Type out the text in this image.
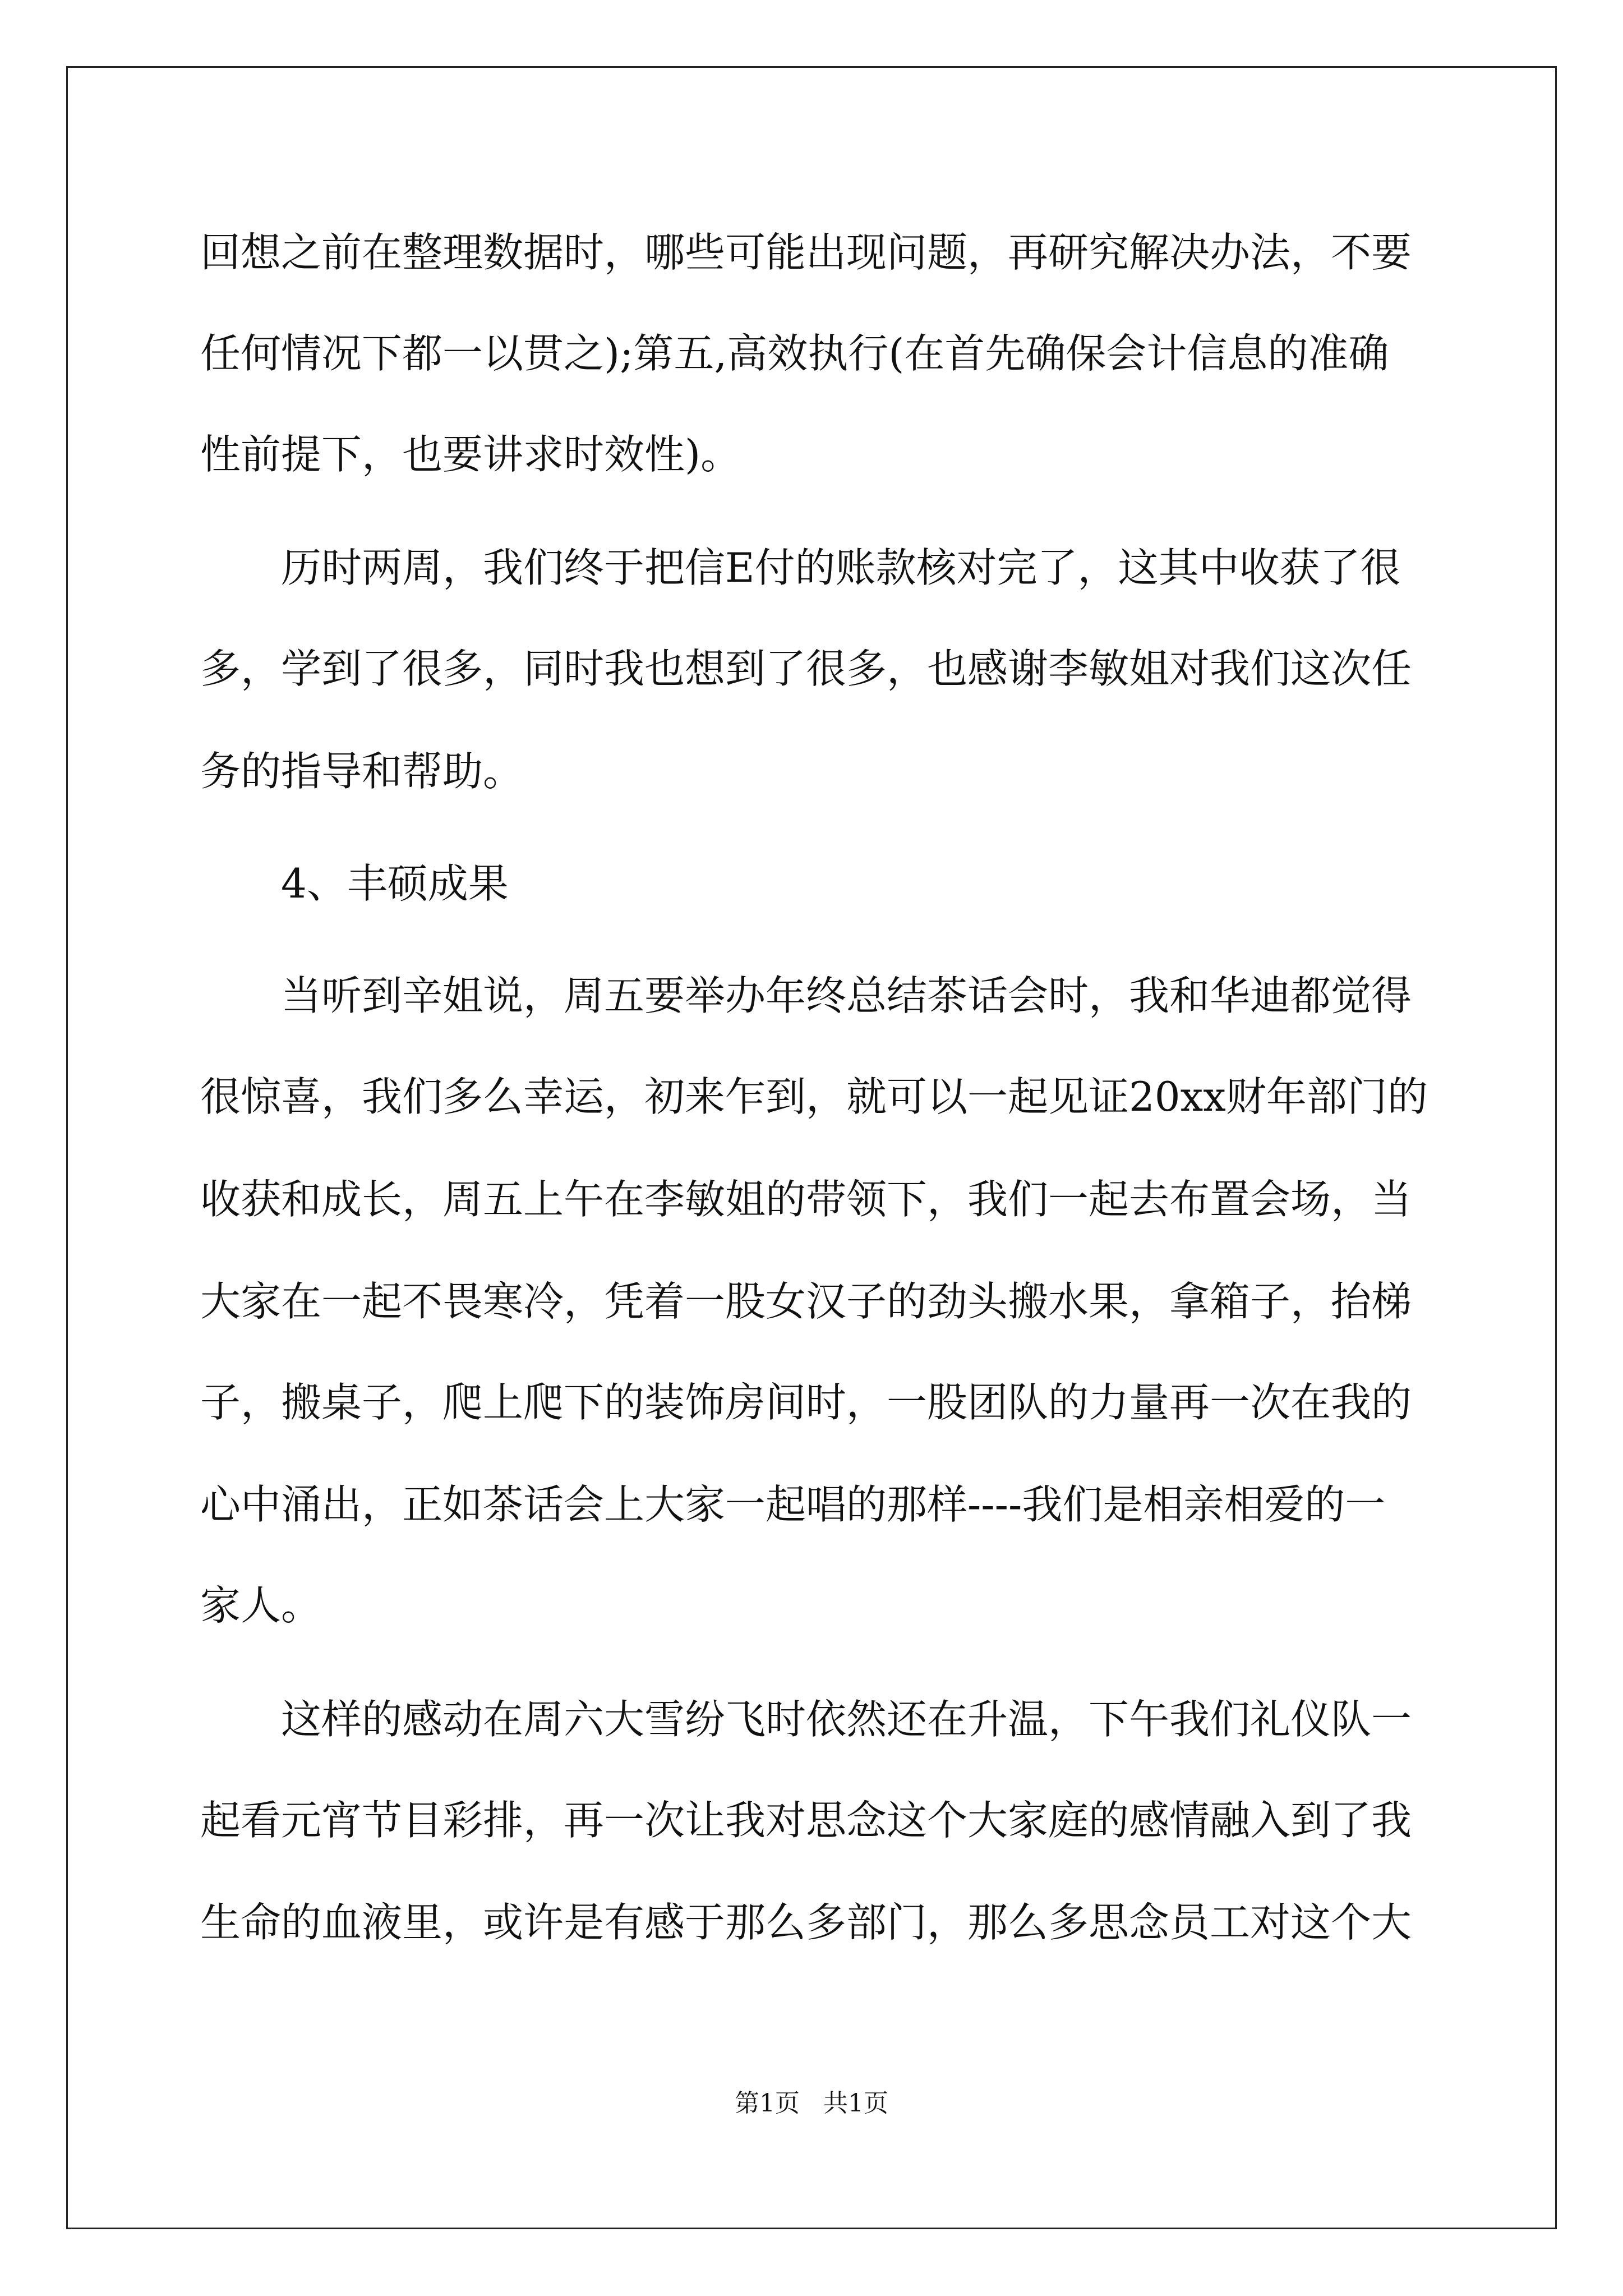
回想之前在整理数据时，哪些可能出现问题，再研究解决办法，不要
任何情况下都一以贯之);第五,高效执行(在首先确保会计信息的准确
性前提下，也要讲求时效性)。
历时两周，我们终于把信E付的账款核对完了，这其中收获了很
多，学到了很多，同时我也想到了很多，也感谢李敏姐对我们这次任
务的指导和帮助。
4、丰硕成果
当听到辛姐说，周五要举办年终总结茶话会时，我和华迪都觉得
很惊喜，我们多么幸运，初来乍到，就可以一起见证20xx财年部门的
收获和成长，周五上午在李敏姐的带领下，我们一起去布置会场，当
大家在一起不畏寒冷，凭着一股女汉子的劲头搬水果，拿箱子，抬梯
子，搬桌子，爬上爬下的装饰房间时，一股团队的力量再一次在我的
心中涌出，正如茶话会上大家一起唱的那样----我们是相亲相爱的一
家人。
这样的感动在周六大雪纷飞时依然还在升温，下午我们礼仪队一
起看元宵节目彩排，再一次让我对思念这个大家庭的感情融入到了我
生命的血液里，或许是有感于那么多部门，那么多思念员工对这个大
第1页   共1页
